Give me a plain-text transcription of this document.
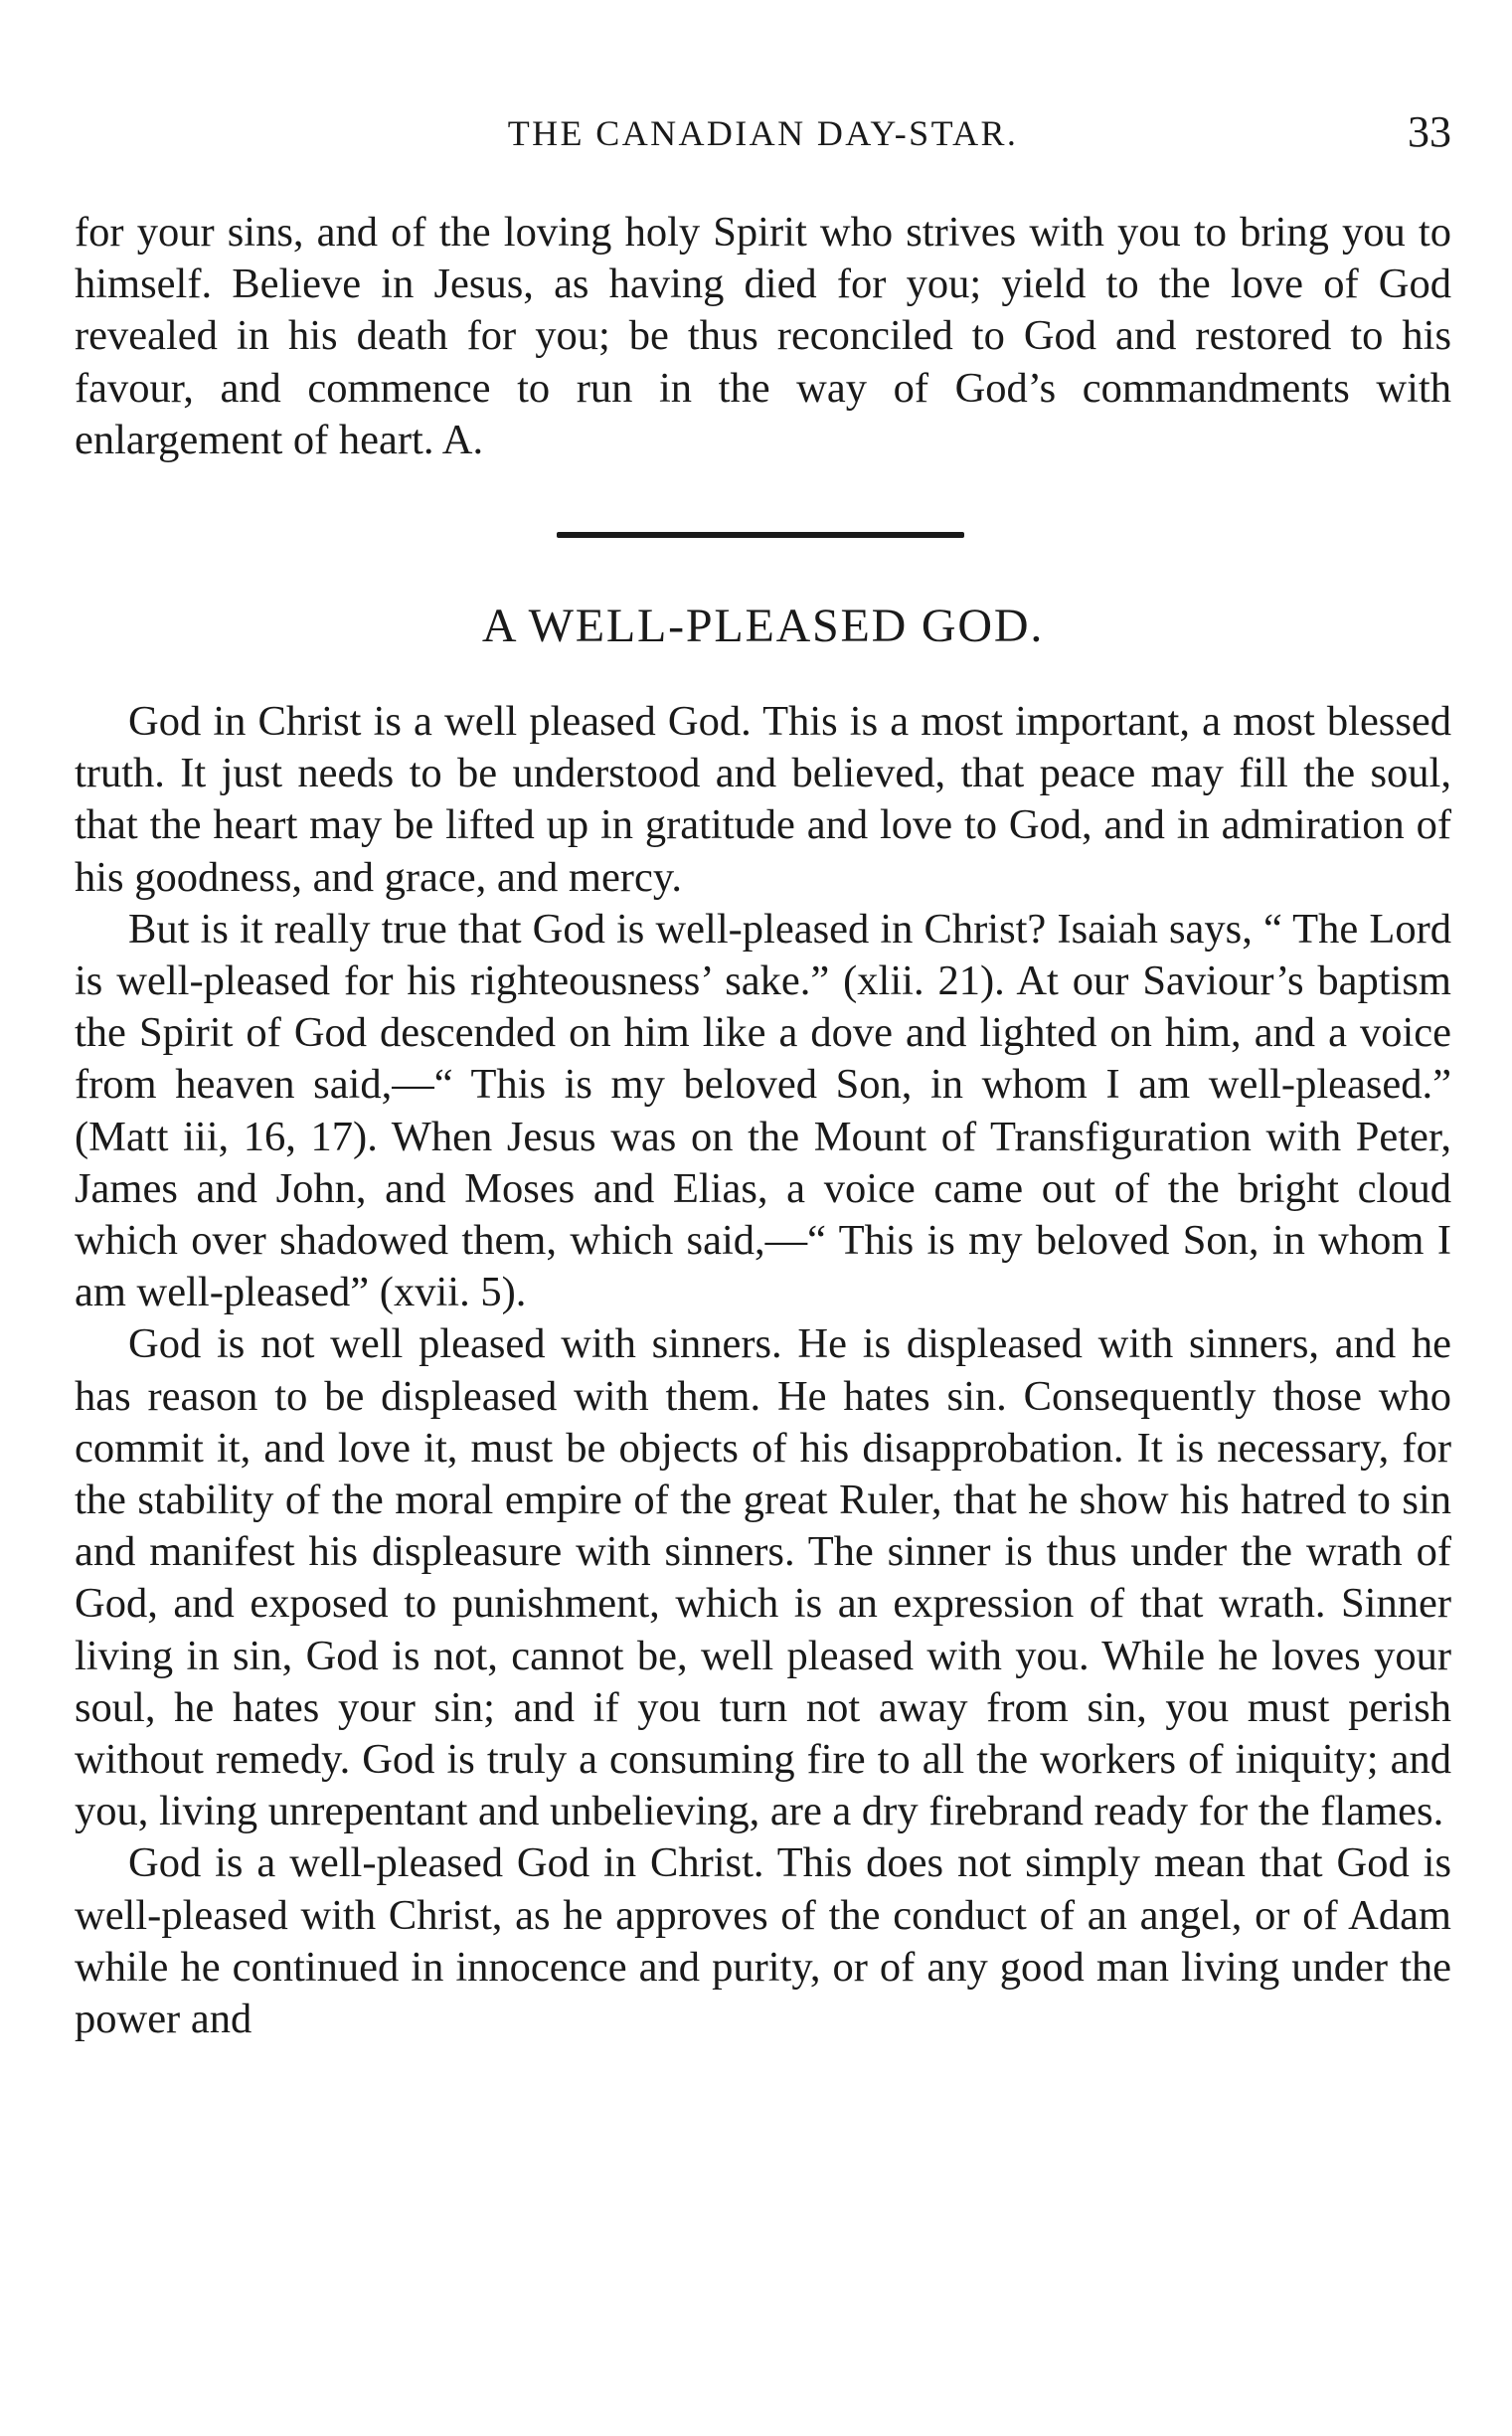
THE CANADIAN DAY-STAR.	33

for your sins, and of the loving holy Spirit who strives with you to bring you to himself. Believe in Jesus, as having died for you; yield to the love of God revealed in his death for you; be thus reconciled to God and restored to his favour, and commence to run in the way of God’s commandments with enlargement of heart. A.

A WELL-PLEASED GOD.

God in Christ is a well pleased God. This is a most important, a most blessed truth. It just needs to be understood and believed, that peace may fill the soul, that the heart may be lifted up in gratitude and love to God, and in admiration of his goodness, and grace, and mercy.

But is it really true that God is well-pleased in Christ? Isaiah says, “ The Lord is well-pleased for his righteousness’ sake.” (xlii. 21). At our Saviour’s baptism the Spirit of God descended on him like a dove and lighted on him, and a voice from heaven said,—“ This is my beloved Son, in whom I am well-pleased.” (Matt iii, 16, 17). When Jesus was on the Mount of Transfiguration with Peter, James and John, and Moses and Elias, a voice came out of the bright cloud which over shadowed them, which said,—“ This is my beloved Son, in whom I am well-pleased” (xvii. 5).

God is not well pleased with sinners. He is displeased with sinners, and he has reason to be displeased with them. He hates sin. Consequently those who commit it, and love it, must be objects of his disapprobation. It is necessary, for the stability of the moral empire of the great Ruler, that he show his hatred to sin and manifest his displeasure with sinners. The sinner is thus under the wrath of God, and exposed to punishment, which is an expression of that wrath. Sinner living in sin, God is not, cannot be, well pleased with you. While he loves your soul, he hates your sin; and if you turn not away from sin, you must perish without remedy. God is truly a consuming fire to all the workers of iniquity; and you, living unrepentant and unbelieving, are a dry firebrand ready for the flames.

God is a well-pleased God in Christ. This does not simply mean that God is well-pleased with Christ, as he approves of the conduct of an angel, or of Adam while he continued in innocence and purity, or of any good man living under the power and
